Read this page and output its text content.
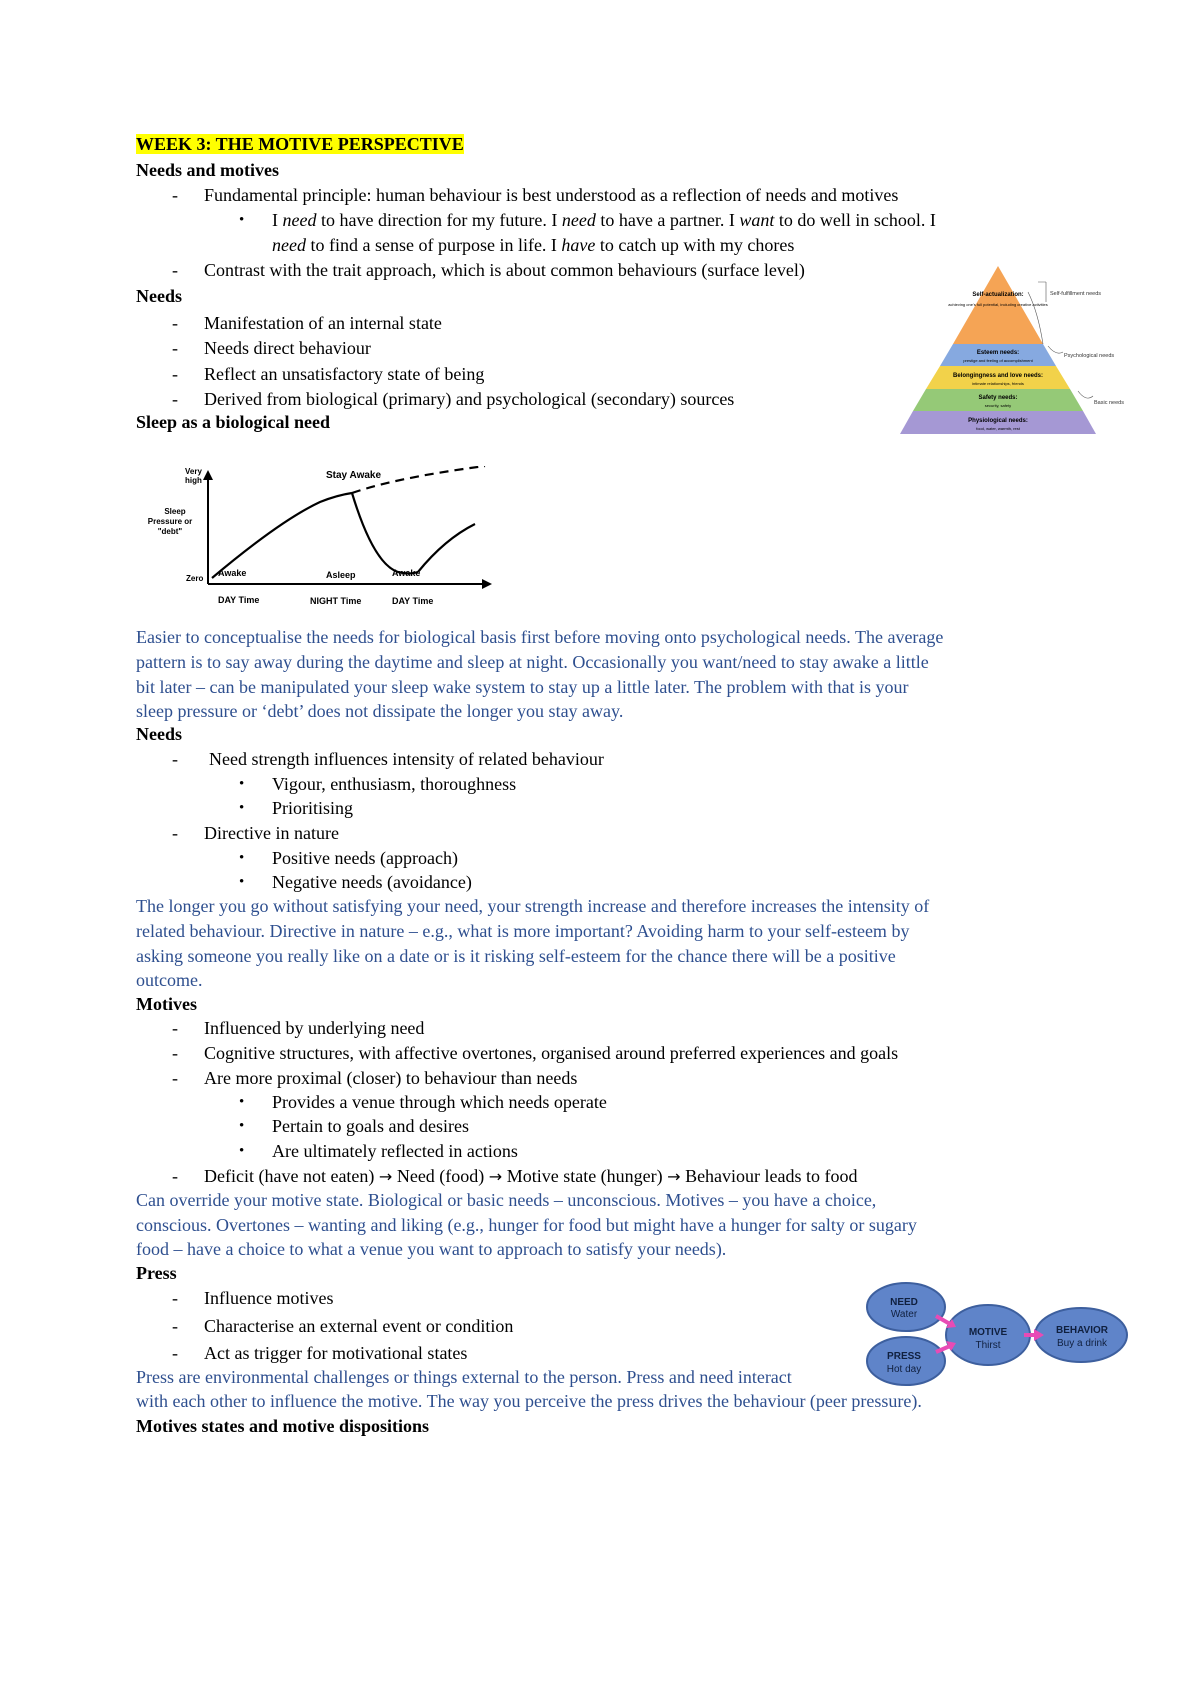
WEEK 3: THE MOTIVE PERSPECTIVE
Needs and motives
- Fundamental principle: human behaviour is best understood as a reflection of needs and motives
• I need to have direction for my future. I need to have a partner. I want to do well in school. I
need to find a sense of purpose in life. I have to catch up with my chores
- Contrast with the trait approach, which is about common behaviours (surface level)
Needs
- Manifestation of an internal state
- Needs direct behaviour
- Reflect an unsatisfactory state of being
- Derived from biological (primary) and psychological (secondary) sources
Self-actualization:
achieving one's full potential, including creative activities
Esteem needs:
prestige and feeling of accomplishment
Belongingness and love needs:
intimate relationships, friends
Safety needs:
security, safety
Physiological needs:
food, water, warmth, rest
Self-fulfillment needs
Psychological needs
Basic needs
Sleep as a biological need
Very
high
Sleep
Pressure or
"debt"
Zero
Stay Awake
Awake	Asleep	Awake
DAY Time	NIGHT Time	DAY Time
Easier to conceptualise the needs for biological basis first before moving onto psychological needs. The average
pattern is to say away during the daytime and sleep at night. Occasionally you want/need to stay awake a little
bit later – can be manipulated your sleep wake system to stay up a little later. The problem with that is your
sleep pressure or ‘debt’ does not dissipate the longer you stay away.
Needs
- Need strength influences intensity of related behaviour
• Vigour, enthusiasm, thoroughness
• Prioritising
- Directive in nature
• Positive needs (approach)
• Negative needs (avoidance)
The longer you go without satisfying your need, your strength increase and therefore increases the intensity of
related behaviour. Directive in nature – e.g., what is more important? Avoiding harm to your self-esteem by
asking someone you really like on a date or is it risking self-esteem for the chance there will be a positive
outcome.
Motives
- Influenced by underlying need
- Cognitive structures, with affective overtones, organised around preferred experiences and goals
- Are more proximal (closer) to behaviour than needs
• Provides a venue through which needs operate
• Pertain to goals and desires
• Are ultimately reflected in actions
- Deficit (have not eaten) → Need (food) → Motive state (hunger) → Behaviour leads to food
Can override your motive state. Biological or basic needs – unconscious. Motives – you have a choice,
conscious. Overtones – wanting and liking (e.g., hunger for food but might have a hunger for salty or sugary
food – have a choice to what a venue you want to approach to satisfy your needs).
Press
- Influence motives
- Characterise an external event or condition
- Act as trigger for motivational states
NEED
Water
PRESS
Hot day
MOTIVE
Thirst
BEHAVIOR
Buy a drink
Press are environmental challenges or things external to the person. Press and need interact
with each other to influence the motive. The way you perceive the press drives the behaviour (peer pressure).
Motives states and motive dispositions
